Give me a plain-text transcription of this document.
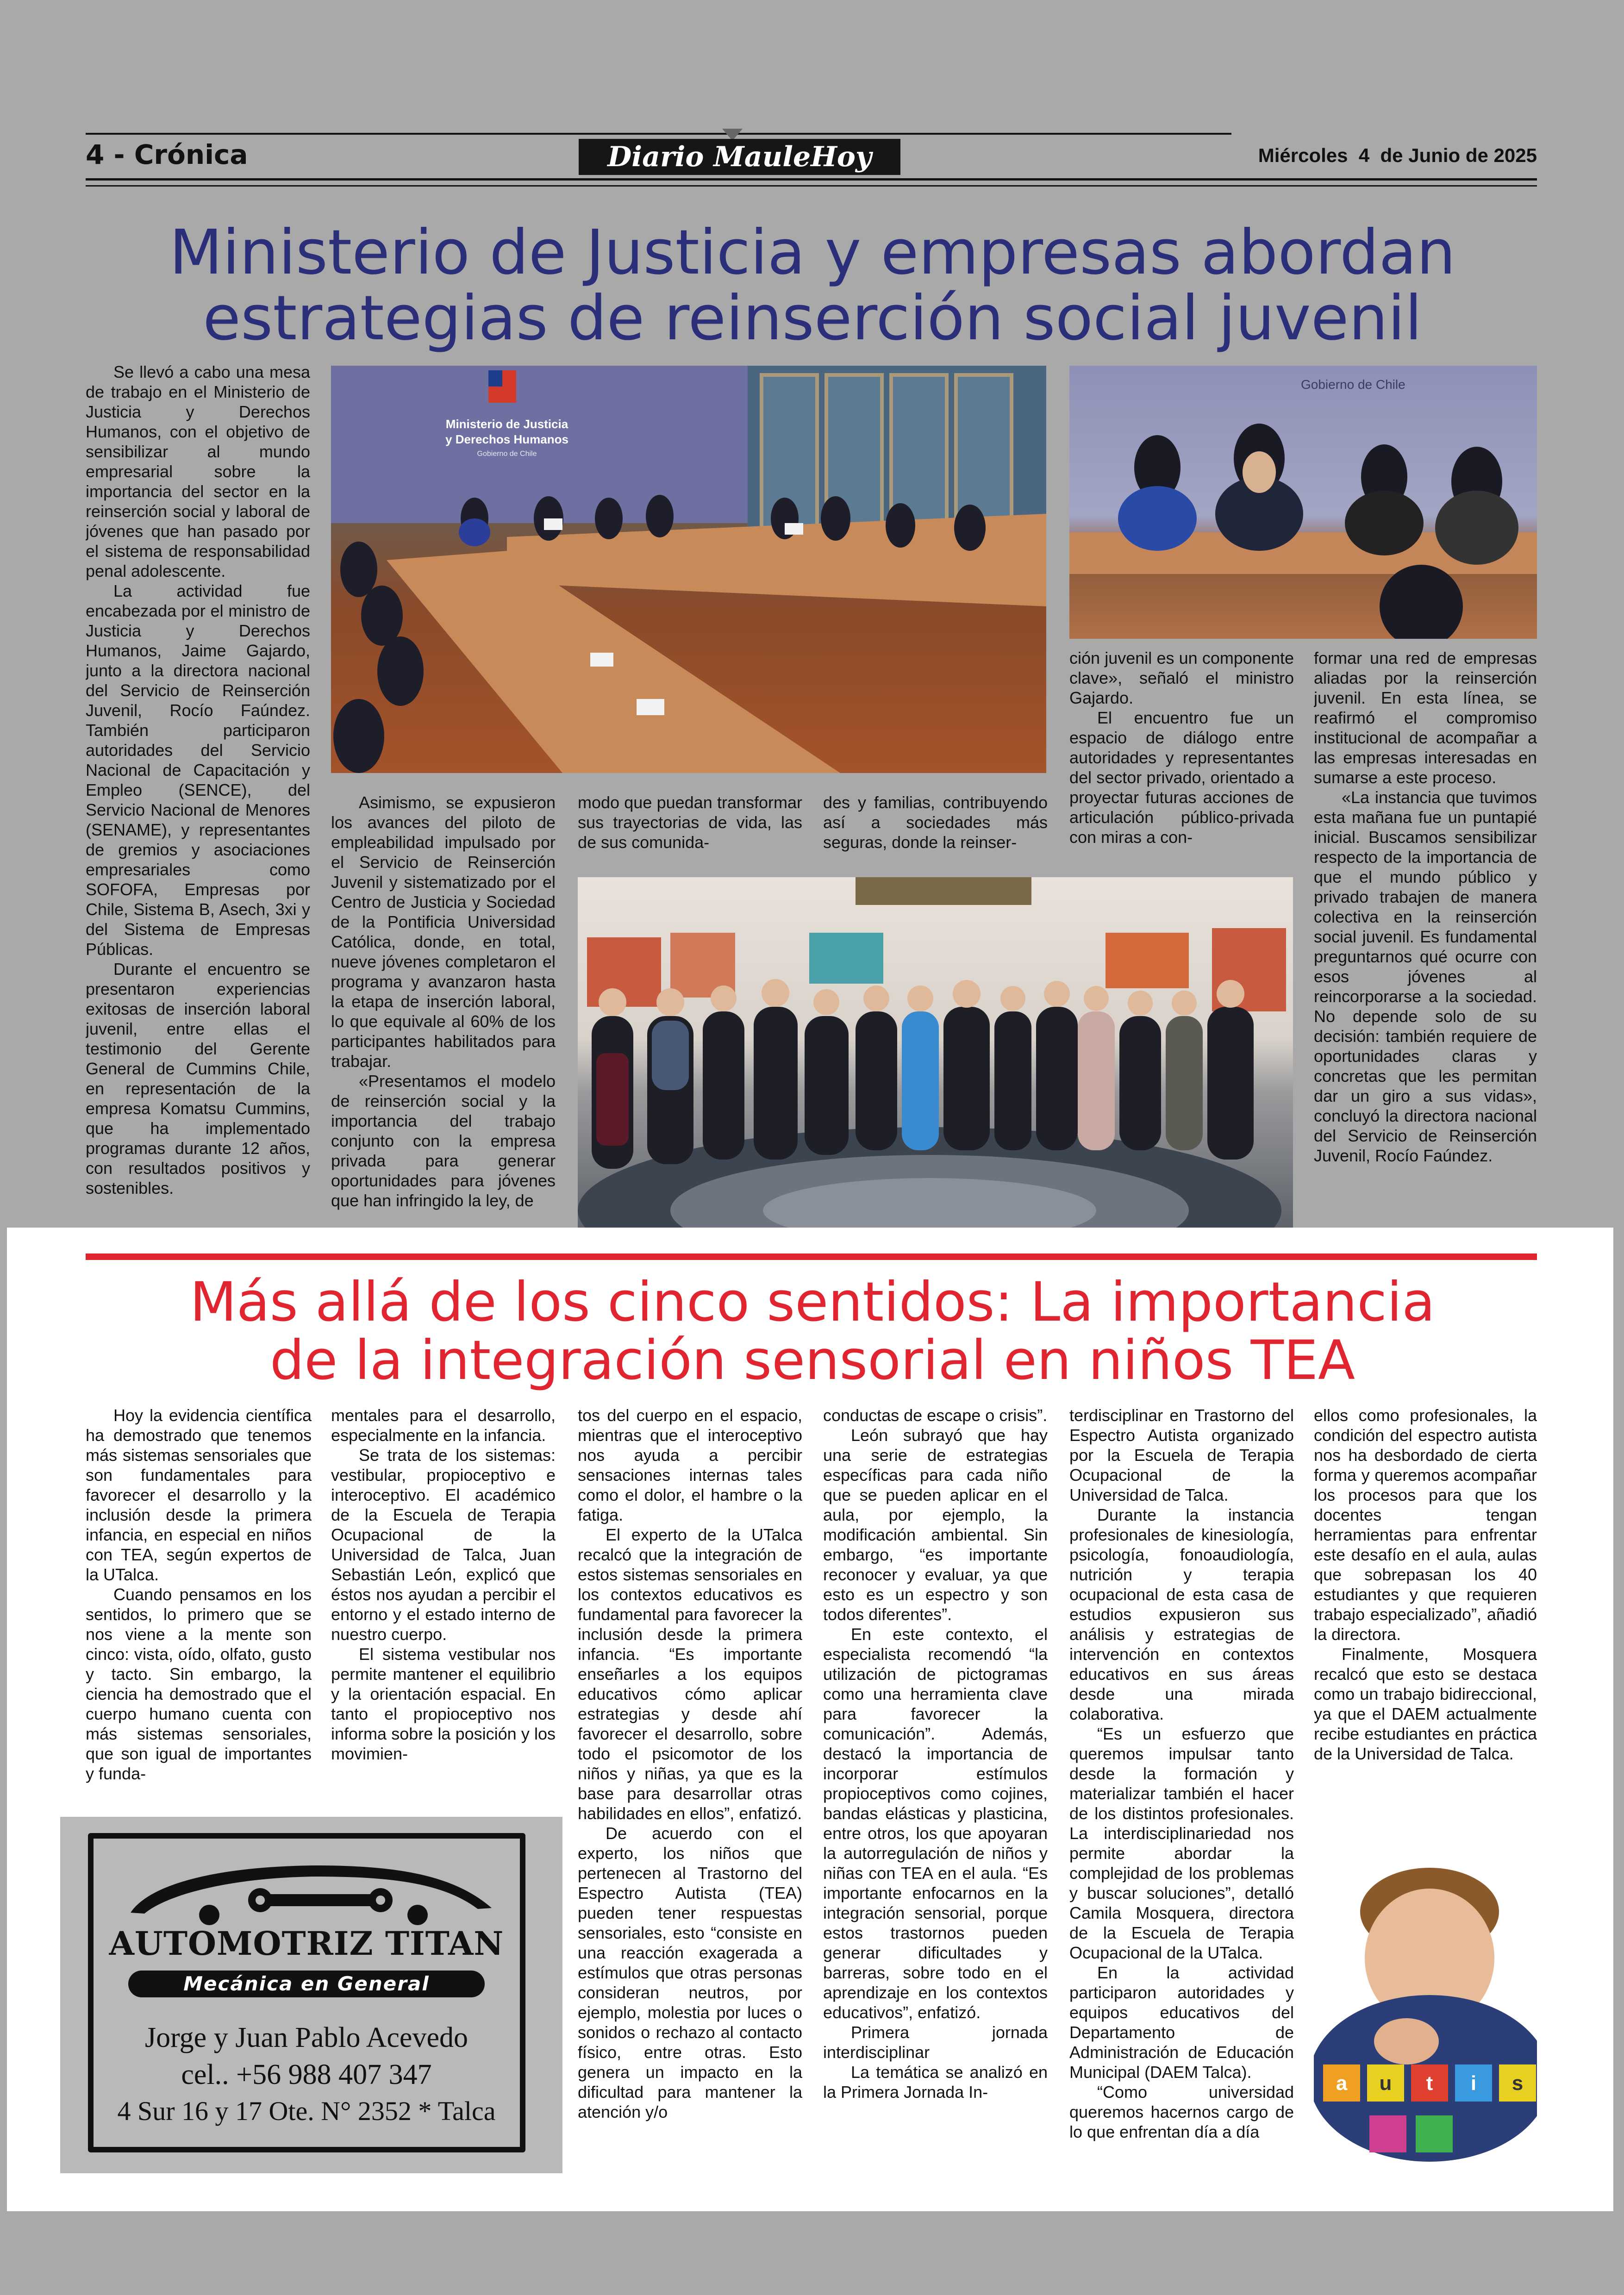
4 - Crónica	Diario MauleHoy	Miércoles  4  de Junio de 2025
Ministerio de Justicia y empresas abordan
estrategias de reinserción social juvenil

Se llevó a cabo una mesa de trabajo en el Ministerio de Justicia y Derechos Humanos, con el objetivo de sensibilizar al mundo empresarial sobre la importancia del sector en la reinserción social y laboral de jóvenes que han pasado por el sistema de responsabilidad penal adolescente.

La actividad fue encabezada por el ministro de Justicia y Derechos Humanos, Jaime Gajardo, junto a la directora nacional del Servicio de Reinserción Juvenil, Rocío Faúndez. También participaron autoridades del Servicio Nacional de Capacitación y Empleo (SENCE), del Servicio Nacional de Menores (SENAME), y representantes de gremios y asociaciones empresariales como SOFOFA, Empresas por Chile, Sistema B, Asech, 3xi y del Sistema de Empresas Públicas.

Durante el encuentro se presentaron experiencias exitosas de inserción laboral juvenil, entre ellas el testimonio del Gerente General de Cummins Chile, en representación de la empresa Komatsu Cummins, que ha implementado programas durante 12 años, con resultados positivos y sostenibles.

Ministerio de Justicia
y Derechos Humanos
Gobierno de Chile
Gobierno de Chile

Asimismo, se expusieron los avances del piloto de empleabilidad impulsado por el Servicio de Reinserción Juvenil y sistematizado por el Centro de Justicia y Sociedad de la Pontificia Universidad Católica, donde, en total, nueve jóvenes completaron el programa y avanzaron hasta la etapa de inserción laboral, lo que equivale al 60% de los participantes habilitados para trabajar.

«Presentamos el modelo de reinserción social y la importancia del trabajo conjunto con la empresa privada para generar oportunidades para jóvenes que han infringido la ley, de

modo que puedan transformar sus trayectorias de vida, las de sus comunida-

des y familias, contribuyendo así a sociedades más seguras, donde la reinser-

ción juvenil es un componente clave», señaló el ministro Gajardo.

El encuentro fue un espacio de diálogo entre autoridades y representantes del sector privado, orientado a proyectar futuras acciones de articulación público-privada con miras a con-

formar una red de empresas aliadas por la reinserción juvenil. En esta línea, se reafirmó el compromiso institucional de acompañar a las empresas interesadas en sumarse a este proceso.

«La instancia que tuvimos esta mañana fue un puntapié inicial. Buscamos sensibilizar respecto de la importancia de que el mundo público y privado trabajen de manera colectiva en la reinserción social juvenil. Es fundamental preguntarnos qué ocurre con esos jóvenes al reincorporarse a la sociedad. No depende solo de su decisión: también requiere de oportunidades claras y concretas que les permitan dar un giro a sus vidas», concluyó la directora nacional del Servicio de Reinserción Juvenil, Rocío Faúndez.

Más allá de los cinco sentidos: La importancia
de la integración sensorial en niños TEA

Hoy la evidencia científica ha demostrado que tenemos más sistemas sensoriales que son fundamentales para favorecer el desarrollo y la inclusión desde la primera infancia, en especial en niños con TEA, según expertos de la UTalca.

Cuando pensamos en los sentidos, lo primero que se nos viene a la mente son cinco: vista, oído, olfato, gusto y tacto. Sin embargo, la ciencia ha demostrado que el cuerpo humano cuenta con más sistemas sensoriales, que son igual de importantes y funda-

mentales para el desarrollo, especialmente en la infancia.

Se trata de los sistemas: vestibular, propioceptivo e interoceptivo. El académico de la Escuela de Terapia Ocupacional de la Universidad de Talca, Juan Sebastián León, explicó que éstos nos ayudan a percibir el entorno y el estado interno de nuestro cuerpo.

El sistema vestibular nos permite mantener el equilibrio y la orientación espacial. En tanto el propioceptivo nos informa sobre la posición y los movimien-

tos del cuerpo en el espacio, mientras que el interoceptivo nos ayuda a percibir sensaciones internas tales como el dolor, el hambre o la fatiga.

El experto de la UTalca recalcó que la integración de estos sistemas sensoriales en los contextos educativos es fundamental para favorecer la inclusión desde la primera infancia. “Es importante enseñarles a los equipos educativos cómo aplicar estrategias y desde ahí favorecer el desarrollo, sobre todo el psicomotor de los niños y niñas, ya que es la base para desarrollar otras habilidades en ellos”, enfatizó.

De acuerdo con el experto, los niños que pertenecen al Trastorno del Espectro Autista (TEA) pueden tener respuestas sensoriales, esto “consiste en una reacción exagerada a estímulos que otras personas consideran neutros, por ejemplo, molestia por luces o sonidos o rechazo al contacto físico, entre otras. Esto genera un impacto en la dificultad para mantener la atención y/o

conductas de escape o crisis”.

León subrayó que hay una serie de estrategias específicas para cada niño que se pueden aplicar en el aula, por ejemplo, la modificación ambiental. Sin embargo, “es importante reconocer y evaluar, ya que esto es un espectro y son todos diferentes”.

En este contexto, el especialista recomendó “la utilización de pictogramas como una herramienta clave para favorecer la comunicación”. Además, destacó la importancia de incorporar estímulos propioceptivos como cojines, bandas elásticas y plasticina, entre otros, los que apoyaran la autorregulación de niños y niñas con TEA en el aula. “Es importante enfocarnos en la integración sensorial, porque estos trastornos pueden generar dificultades y barreras, sobre todo en el aprendizaje en los contextos educativos”, enfatizó.

Primera jornada interdisciplinar

La temática se analizó en la Primera Jornada In-

terdisciplinar en Trastorno del Espectro Autista organizado por la Escuela de Terapia Ocupacional de la Universidad de Talca.

Durante la instancia profesionales de kinesiología, psicología, fonoaudiología, nutrición y terapia ocupacional de esta casa de estudios expusieron sus análisis y estrategias de intervención en contextos educativos en sus áreas desde una mirada colaborativa.

“Es un esfuerzo que queremos impulsar tanto desde la formación y materializar también el hacer de los distintos profesionales. La interdisciplinariedad nos permite abordar la complejidad de los problemas y buscar soluciones”, detalló Camila Mosquera, directora de la Escuela de Terapia Ocupacional de la UTalca.

En la actividad participaron autoridades y equipos educativos del Departamento de Administración de Educación Municipal (DAEM Talca).

“Como universidad queremos hacernos cargo de lo que enfrentan día a día

ellos como profesionales, la condición del espectro autista nos ha desbordado de cierta forma y queremos acompañar los procesos para que los docentes tengan herramientas para enfrentar este desafío en el aula, aulas que sobrepasan los 40 estudiantes y que requieren trabajo especializado”, añadió la directora.

Finalmente, Mosquera recalcó que esto se destaca como un trabajo bidireccional, ya que el DAEM actualmente recibe estudiantes en práctica de la Universidad de Talca.

a u t i s
AUTOMOTRIZ TITAN
Mecánica en General
Jorge y Juan Pablo Acevedo
cel.. +56 988 407 347
4 Sur 16 y 17 Ote. N° 2352 * Talca
